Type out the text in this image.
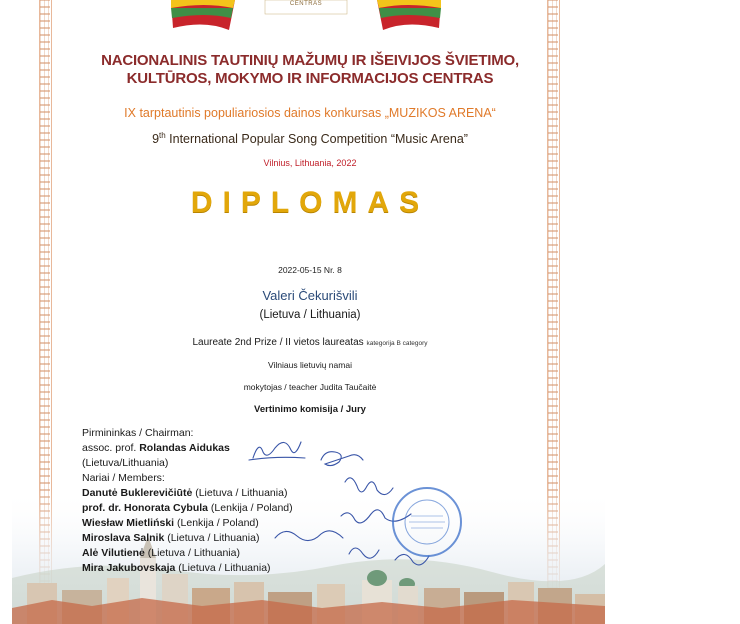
CENTRAS
NACIONALINIS TAUTINIŲ MAŽUMŲ IR IŠEIVIJOS ŠVIETIMO,
KULTŪROS, MOKYMO IR INFORMACIJOS CENTRAS
IX tarptautinis populiariosios dainos konkursas „MUZIKOS ARENA“
9th International Popular Song Competition “Music Arena”
Vilnius, Lithuania, 2022
DIPLOMAS
2022-05-15 Nr. 8
Valeri Čekurišvili
(Lietuva / Lithuania)
Laureate 2nd Prize / II vietos laureatas kategorija B category
Vilniaus lietuvių namai
mokytojas / teacher Judita Taučaitė
Vertinimo komisija / Jury
Pirmininkas / Chairman:
assoc. prof. Rolandas Aidukas
(Lietuva/Lithuania)
Nariai / Members:
Danutė Buklerevičiūtė (Lietuva / Lithuania)
prof. dr. Honorata Cybula (Lenkija / Poland)
Wiesław Mietliński (Lenkija / Poland)
Miroslava Salnik (Lietuva / Lithuania)
Alė Vilutienė (Lietuva / Lithuania)
Mira Jakubovskaja (Lietuva / Lithuania)
